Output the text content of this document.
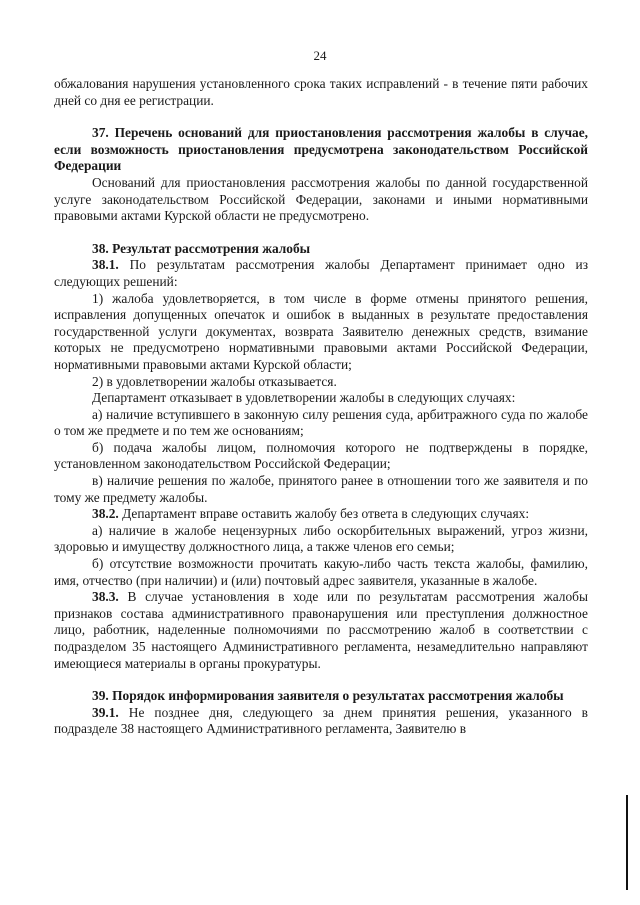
24

обжалования нарушения установленного срока таких исправлений - в течение пяти рабочих дней со дня ее регистрации.

37. Перечень оснований для приостановления рассмотрения жалобы в случае, если возможность приостановления предусмотрена законодательством Российской Федерации

Оснований для приостановления рассмотрения жалобы по данной государственной услуге законодательством Российской Федерации, законами и иными нормативными правовыми актами Курской области не предусмотрено.

38. Результат рассмотрения жалобы

38.1. По результатам рассмотрения жалобы Департамент принимает одно из следующих решений:

1) жалоба удовлетворяется, в том числе в форме отмены принятого решения, исправления допущенных опечаток и ошибок в выданных в результате предоставления государственной услуги документах, возврата Заявителю денежных средств, взимание которых не предусмотрено нормативными правовыми актами Российской Федерации, нормативными правовыми актами Курской области;

2) в удовлетворении жалобы отказывается.

Департамент отказывает в удовлетворении жалобы в следующих случаях:

а) наличие вступившего в законную силу решения суда, арбитражного суда по жалобе о том же предмете и по тем же основаниям;

б) подача жалобы лицом, полномочия которого не подтверждены в порядке, установленном законодательством Российской Федерации;

в) наличие решения по жалобе, принятого ранее в отношении того же заявителя и по тому же предмету жалобы.

38.2. Департамент вправе оставить жалобу без ответа в следующих случаях:

а) наличие в жалобе нецензурных либо оскорбительных выражений, угроз жизни, здоровью и имуществу должностного лица, а также членов его семьи;

б) отсутствие возможности прочитать какую-либо часть текста жалобы, фамилию, имя, отчество (при наличии) и (или) почтовый адрес заявителя, указанные в жалобе.

38.3. В случае установления в ходе или по результатам рассмотрения жалобы признаков состава административного правонарушения или преступления должностное лицо, работник, наделенные полномочиями по рассмотрению жалоб в соответствии с подразделом 35 настоящего Административного регламента, незамедлительно направляют имеющиеся материалы в органы прокуратуры.

39. Порядок информирования заявителя о результатах рассмотрения жалобы

39.1. Не позднее дня, следующего за днем принятия решения, указанного в подразделе 38 настоящего Административного регламента, Заявителю в
